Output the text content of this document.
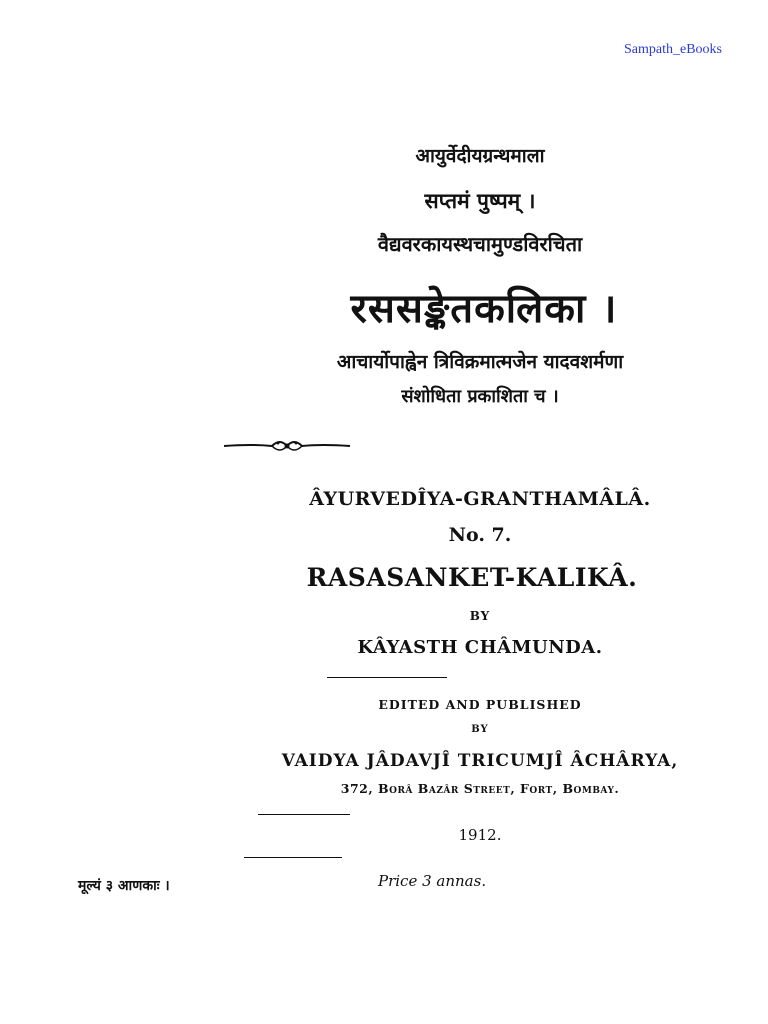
Sampath_eBooks
आयुर्वेदीयग्रन्थमाला
सप्तमं पुष्पम् ।
वैद्यवरकायस्थचामुण्डविरचिता
रससङ्केतकलिका ।
आचार्योपाह्वेन त्रिविक्रमात्मजेन यादवशर्मणा
संशोधिता प्रकाशिता च ।
ÂYURVEDÎYA-GRANTHAMÂLÂ.
No. 7.
RASASANKET-KALIKÂ.
BY
KÂYASTH CHÂMUNDA.
EDITED AND PUBLISHED
BY
VAIDYA JÂDAVJÎ TRICUMJÎ ÂCHÂRYA,
372, Borâ Bazâr Street, Fort, Bombay.
1912.
मूल्यं ३ आणकाः ।	Price 3 annas.
